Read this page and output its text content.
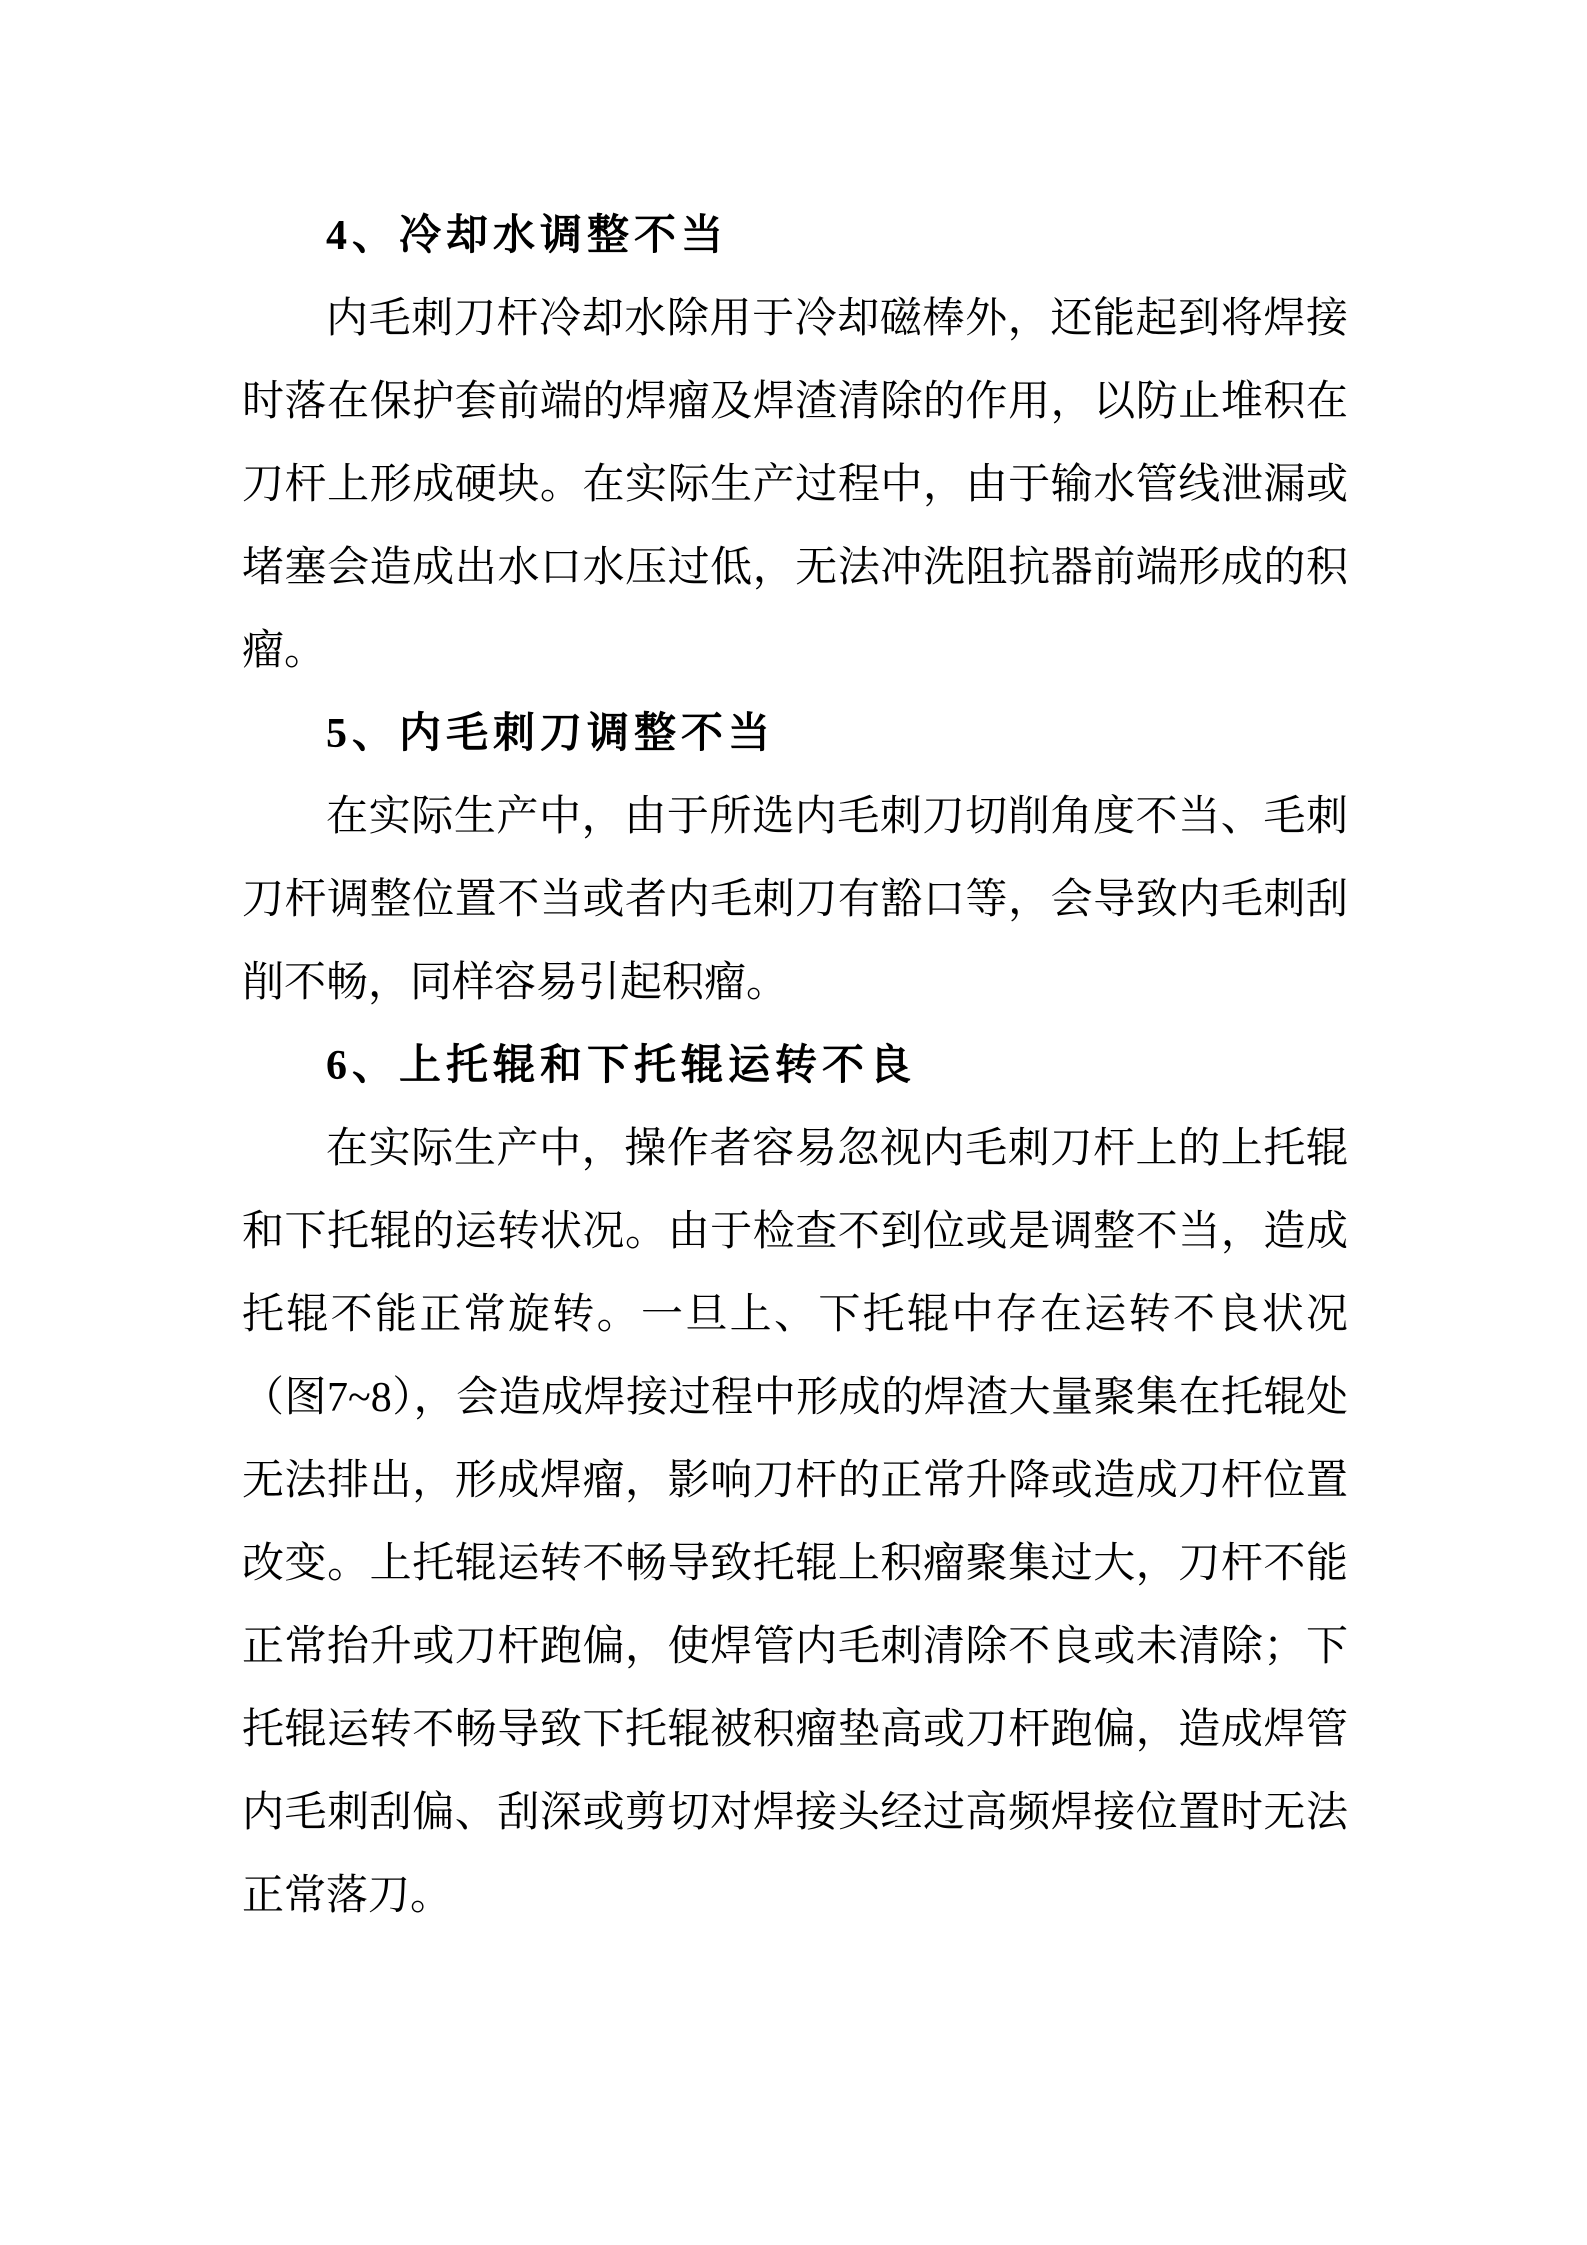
4、冷却水调整不当

内毛刺刀杆冷却水除用于冷却磁棒外，还能起到将焊接时落在保护套前端的焊瘤及焊渣清除的作用，以防止堆积在刀杆上形成硬块。在实际生产过程中，由于输水管线泄漏或堵塞会造成出水口水压过低，无法冲洗阻抗器前端形成的积瘤。

5、内毛刺刀调整不当

在实际生产中，由于所选内毛刺刀切削角度不当、毛刺刀杆调整位置不当或者内毛刺刀有豁口等，会导致内毛刺刮削不畅，同样容易引起积瘤。

6、上托辊和下托辊运转不良

在实际生产中，操作者容易忽视内毛刺刀杆上的上托辊和下托辊的运转状况。由于检查不到位或是调整不当，造成托辊不能正常旋转。一旦上、下托辊中存在运转不良状况（图7~8），会造成焊接过程中形成的焊渣大量聚集在托辊处无法排出，形成焊瘤，影响刀杆的正常升降或造成刀杆位置改变。上托辊运转不畅导致托辊上积瘤聚集过大，刀杆不能正常抬升或刀杆跑偏，使焊管内毛刺清除不良或未清除；下托辊运转不畅导致下托辊被积瘤垫高或刀杆跑偏，造成焊管内毛刺刮偏、刮深或剪切对焊接头经过高频焊接位置时无法正常落刀。
